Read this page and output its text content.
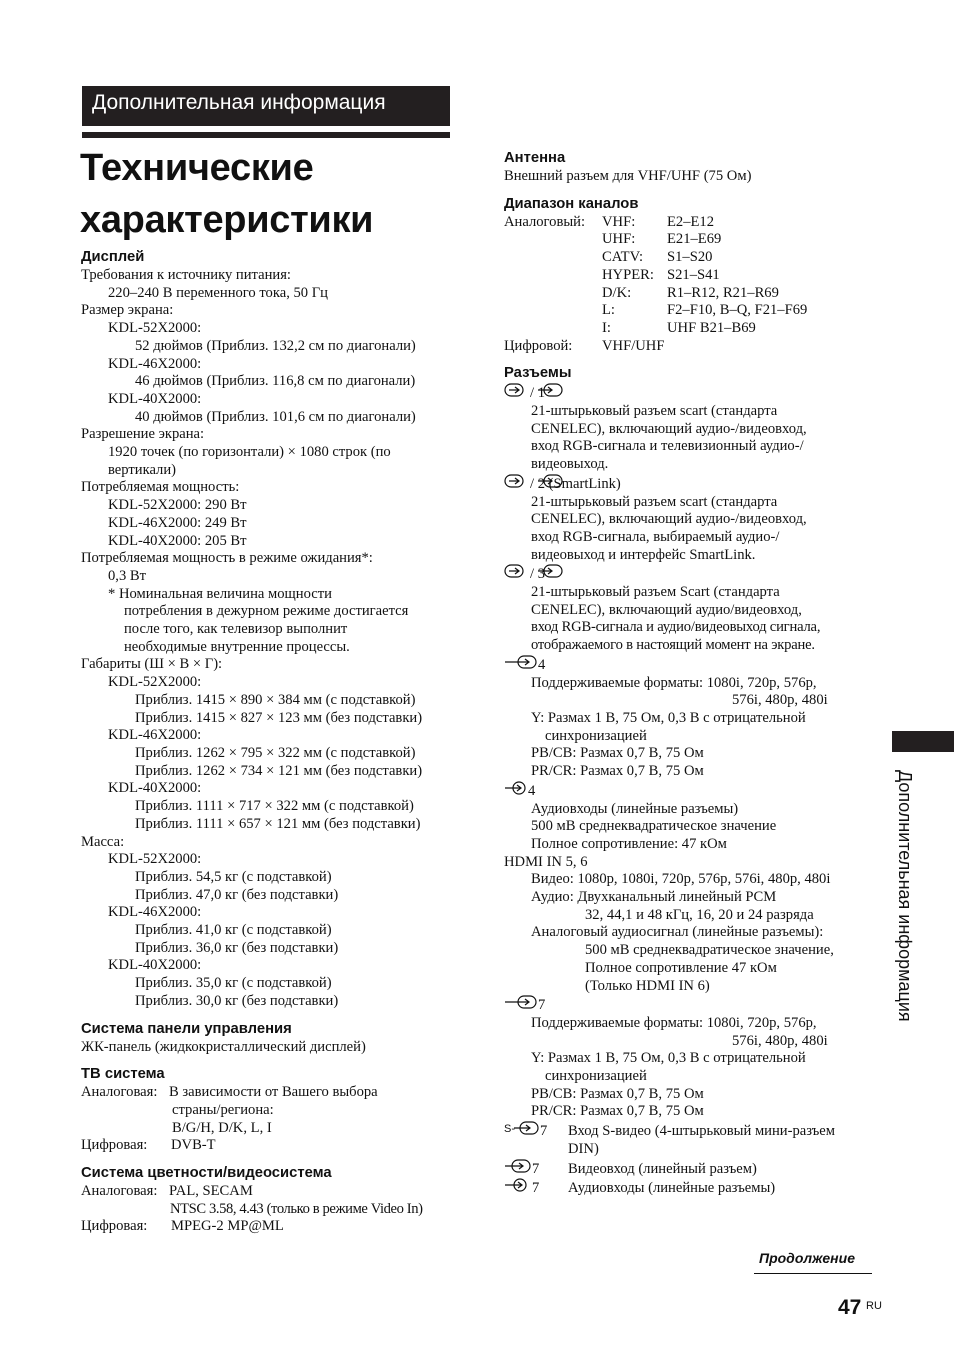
Дополнительная информация
Технические
характеристики
Дисплей
Требования к источнику питания:
220–240 В переменного тока, 50 Гц
Размер экрана:
KDL-52X2000:
52 дюймов (Приблиз. 132,2 см по диагонали)
KDL-46X2000:
46 дюймов (Приблиз. 116,8 см по диагонали)
KDL-40X2000:
40 дюймов (Приблиз. 101,6 см по диагонали)
Разрешение экрана:
1920 точек (по горизонтали) × 1080 строк (по
вертикали)
Потребляемая мощность:
KDL-52X2000: 290 Вт
KDL-46X2000: 249 Вт
KDL-40X2000: 205 Вт
Потребляемая мощность в режиме ожидания*:
0,3 Вт
* Номинальная величина мощности
потребления в дежурном режиме достигается
после того, как телевизор выполнит
необходимые внутренние процессы.
Габариты (Ш × В × Г):
KDL-52X2000:
Приблиз. 1415 × 890 × 384 мм (с подставкой)
Приблиз. 1415 × 827 × 123 мм (без подставки)
KDL-46X2000:
Приблиз. 1262 × 795 × 322 мм (с подставкой)
Приблиз. 1262 × 734 × 121 мм (без подставки)
KDL-40X2000:
Приблиз. 1111 × 717 × 322 мм (с подставкой)
Приблиз. 1111 × 657 × 121 мм (без подставки)
Масса:
KDL-52X2000:
Приблиз. 54,5 кг (с подставкой)
Приблиз. 47,0 кг (без подставки)
KDL-46X2000:
Приблиз. 41,0 кг (с подставкой)
Приблиз. 36,0 кг (без подставки)
KDL-40X2000:
Приблиз. 35,0 кг (с подставкой)
Приблиз. 30,0 кг (без подставки)
Система панели управления
ЖК-панель (жидкокристаллический дисплей)
ТВ система
Аналоговая: В зависимости от Вашего выбора
страны/региона:
B/G/H, D/K, L, I
Цифровая: DVB-T
Система цветности/видеосистема
Аналоговая: PAL, SECAM
NTSC 3.58, 4.43 (только в режиме Video In)
Цифровая: MPEG-2 MP@ML
Антенна
Внешний разъем для VHF/UHF (75 Ом)
Диапазон каналов
Аналоговый: VHF: E2–E12
UHF: E21–E69
CATV: S1–S20
HYPER: S21–S41
D/K: R1–R12, R21–R69
L:	F2–F10, B–Q, F21–F69
I:	UHF B21–B69
Цифровой: VHF/UHF
Разъемы
/ 1
21-штырьковый разъем scart (стандарта
CENELEC), включающий аудио-/видеовход,
вход RGB-сигнала и телевизионный аудио-/
видеовыход.
/ 2 (SmartLink)
21-штырьковый разъем scart (стандарта
CENELEC), включающий аудио-/видеовход,
вход RGB-сигнала, выбираемый аудио-/
видеовыход и интерфейс SmartLink.
/ 3
21-штырьковый разъем Scart (стандарта
CENELEC), включающий аудио/видеовход,
вход RGB-сигнала и аудио/видеовыход сигнала,
отображаемого в настоящий момент на экране.
4
Поддерживаемые форматы: 1080i, 720p, 576p,
576i, 480p, 480i
Y: Размах 1 В, 75 Ом, 0,3 В с отрицательной
синхронизацией
PB/CB: Размах 0,7 В, 75 Ом
PR/CR: Размах 0,7 В, 75 Ом
4
Аудиовходы (линейные разъемы)
500 мВ среднеквадратическое значение
Полное сопротивление: 47 кОм
HDMI IN 5, 6
Видео: 1080p, 1080i, 720p, 576p, 576i, 480p, 480i
Аудио: Двухканальный линейный PCM
32, 44,1 и 48 кГц, 16, 20 и 24 разряда
Аналоговый аудиосигнал (линейные разъемы):
500 мВ среднеквадратическое значение,
Полное сопротивление 47 кОм
(Только HDMI IN 6)
7
Поддерживаемые форматы: 1080i, 720p, 576p,
576i, 480p, 480i
Y: Размах 1 В, 75 Ом, 0,3 В с отрицательной
синхронизацией
PB/CB: Размах 0,7 В, 75 Ом
PR/CR: Размах 0,7 В, 75 Ом
S- 7 Вход S-видео (4-штырьковый мини-разъем
DIN)
7 Видеовход (линейный разъем)
7 Аудиовходы (линейные разъемы)
Дополнительная информация
Продолжение
47 RU
